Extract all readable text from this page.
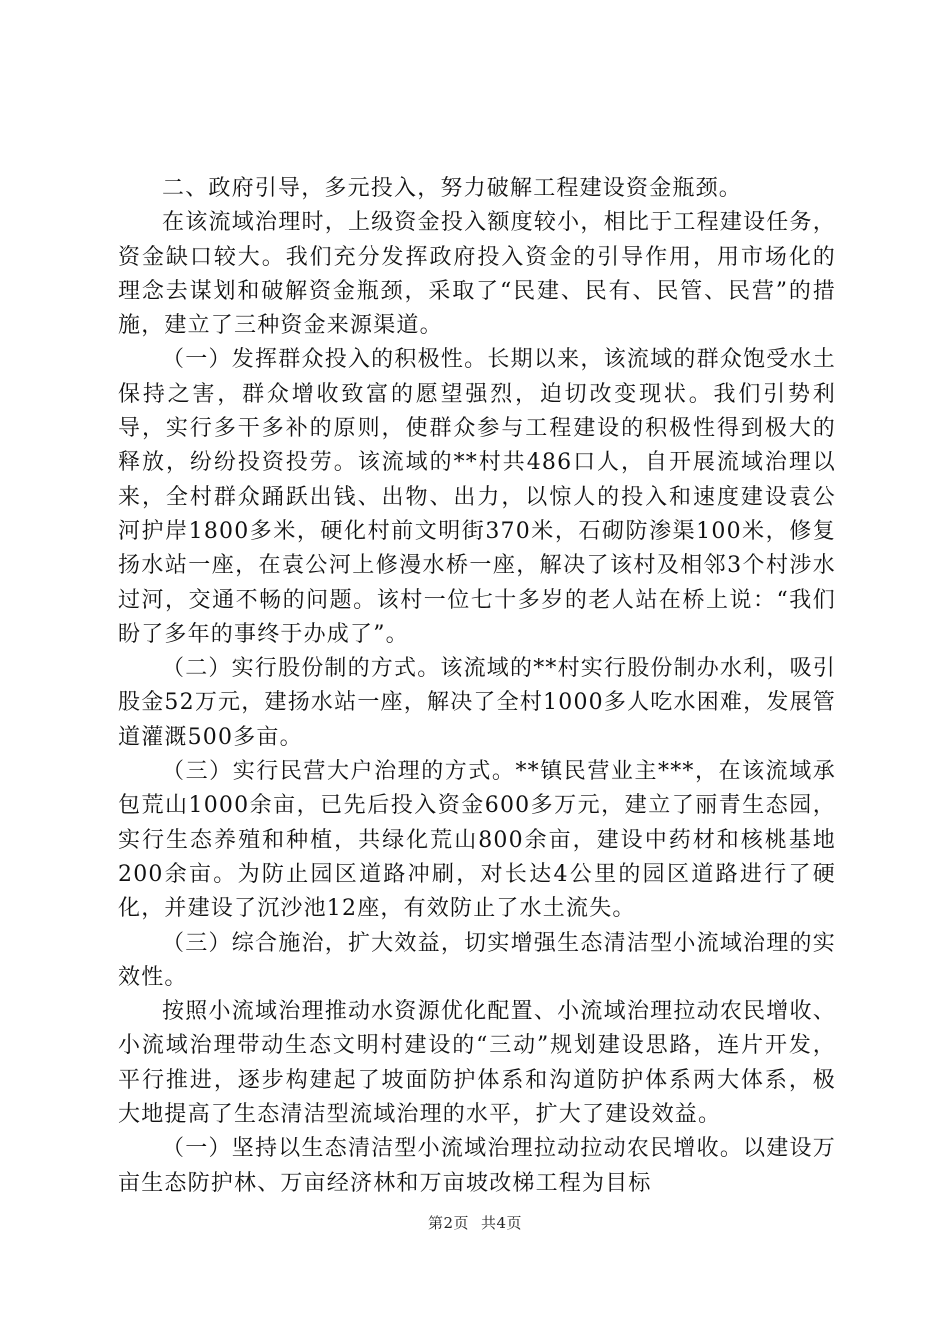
二、政府引导，多元投入，努力破解工程建设资金瓶颈。

在该流域治理时，上级资金投入额度较小，相比于工程建设任务，资金缺口较大。我们充分发挥政府投入资金的引导作用，用市场化的理念去谋划和破解资金瓶颈，采取了“民建、民有、民管、民营”的措施，建立了三种资金来源渠道。

（一）发挥群众投入的积极性。长期以来，该流域的群众饱受水土保持之害，群众增收致富的愿望强烈，迫切改变现状。我们引势利导，实行多干多补的原则，使群众参与工程建设的积极性得到极大的释放，纷纷投资投劳。该流域的**村共486口人，自开展流域治理以来，全村群众踊跃出钱、出物、出力，以惊人的投入和速度建设袁公河护岸1800多米，硬化村前文明街370米，石砌防渗渠100米，修复扬水站一座，在袁公河上修漫水桥一座，解决了该村及相邻3个村涉水过河，交通不畅的问题。该村一位七十多岁的老人站在桥上说：“我们盼了多年的事终于办成了”。

（二）实行股份制的方式。该流域的**村实行股份制办水利，吸引股金52万元，建扬水站一座，解决了全村1000多人吃水困难，发展管道灌溉500多亩。

（三）实行民营大户治理的方式。**镇民营业主***，在该流域承包荒山1000余亩，已先后投入资金600多万元，建立了丽青生态园，实行生态养殖和种植，共绿化荒山800余亩，建设中药材和核桃基地200余亩。为防止园区道路冲刷，对长达4公里的园区道路进行了硬化，并建设了沉沙池12座，有效防止了水土流失。

（三）综合施治，扩大效益，切实增强生态清洁型小流域治理的实效性。

按照小流域治理推动水资源优化配置、小流域治理拉动农民增收、小流域治理带动生态文明村建设的“三动”规划建设思路，连片开发，平行推进，逐步构建起了坡面防护体系和沟道防护体系两大体系，极大地提高了生态清洁型流域治理的水平，扩大了建设效益。

（一）坚持以生态清洁型小流域治理拉动拉动农民增收。以建设万亩生态防护林、万亩经济林和万亩坡改梯工程为目标

第2页 共4页
